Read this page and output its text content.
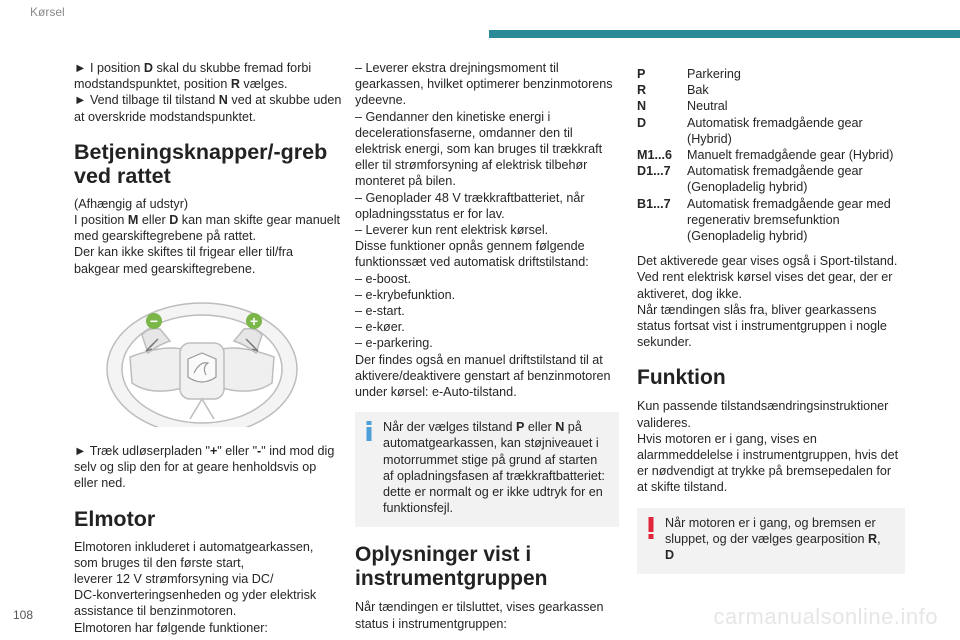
Kørsel

► I position D skal du skubbe fremad forbi modstandspunktet, position R vælges.

► Vend tilbage til tilstand N ved at skubbe uden at overskride modstandspunktet.

Betjeningsknapper/-greb ved rattet

(Afhængig af udstyr)

I position M eller D kan man skifte gear manuelt med gearskiftegrebene på rattet.

Der kan ikke skiftes til frigear eller til/fra bakgear med gearskiftegrebene.

−	+

► Træk udløserpladen "+" eller "-" ind mod dig selv og slip den for at geare henholdsvis op eller ned.

Elmotor

Elmotoren inkluderet i automatgearkassen,
som bruges til den første start,
leverer 12 V strømforsyning via DC/
DC-konverteringsenheden og yder elektrisk
assistance til benzinmotoren.
Elmotoren har følgende funktioner:

– Leverer ekstra drejningsmoment til gearkassen, hvilket optimerer benzinmotorens ydeevne.

– Gendanner den kinetiske energi i decelerationsfaserne, omdanner den til elektrisk energi, som kan bruges til trækkraft eller til strømforsyning af elektrisk tilbehør monteret på bilen.

– Genoplader 48 V trækkraftbatteriet, når opladningsstatus er for lav.

– Leverer kun rent elektrisk kørsel.

Disse funktioner opnås gennem følgende funktionssæt ved automatisk driftstilstand:

– e-boost.

– e-krybefunktion.

– e-start.

– e-køer.

– e-parkering.

Der findes også en manuel driftstilstand til at aktivere/deaktivere genstart af benzinmotoren under kørsel: e-Auto-tilstand.

Når der vælges tilstand P eller N på automatgearkassen, kan støjniveauet i motorrummet stige på grund af starten af opladningsfasen af trækkraftbatteriet: dette er normalt og er ikke udtryk for en funktionsfejl.

Oplysninger vist i instrumentgruppen

Når tændingen er tilsluttet, vises gearkassen status i instrumentgruppen:

P	Parkering
R	Bak
N	Neutral
D	Automatisk fremadgående gear (Hybrid)
M1...6	Manuelt fremadgående gear (Hybrid)
D1...7	Automatisk fremadgående gear (Genopladelig hybrid)
B1...7	Automatisk fremadgående gear med regenerativ bremsefunktion (Genopladelig hybrid)

Det aktiverede gear vises også i Sport-tilstand. Ved rent elektrisk kørsel vises det gear, der er aktiveret, dog ikke.

Når tændingen slås fra, bliver gearkassens status fortsat vist i instrumentgruppen i nogle sekunder.

Funktion

Kun passende tilstandsændringsinstruktioner valideres.

Hvis motoren er i gang, vises en alarmmeddelelse i instrumentgruppen, hvis det er nødvendigt at trykke på bremsepedalen for at skifte tilstand.

Når motoren er i gang, og bremsen er sluppet, og der vælges gearposition R, D

108	carmanualsonline.info
